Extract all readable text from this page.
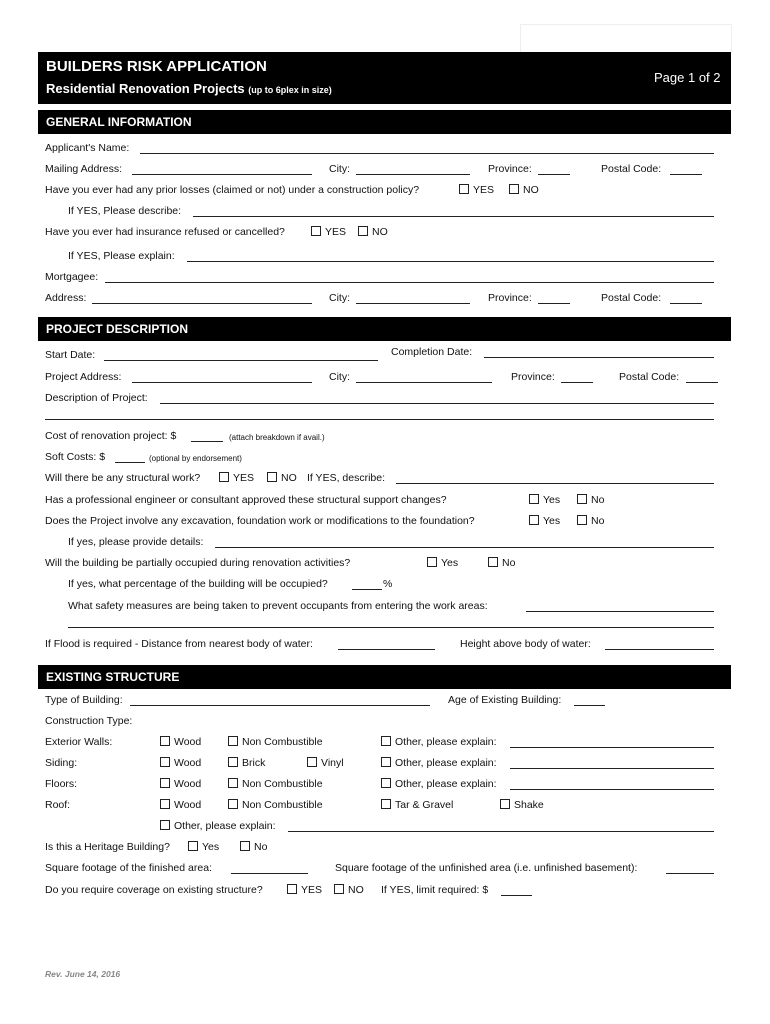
BUILDERS RISK APPLICATION
Residential Renovation Projects (up to 6plex in size)
Page 1 of 2
GENERAL INFORMATION
Applicant's Name:
Mailing Address:	City:	Province:	Postal Code:
Have you ever had any prior losses (claimed or not) under a construction policy?	YES	NO
If YES, Please describe:
Have you ever had insurance refused or cancelled?	YES	NO
If YES, Please explain:
Mortgagee:
Address:	City:	Province:	Postal Code:
PROJECT DESCRIPTION
Start Date:	Completion Date:
Project Address:	City:	Province:	Postal Code:
Description of Project:
Cost of renovation project: $	(attach breakdown if avail.)
Soft Costs: $	(optional by endorsement)
Will there be any structural work?	YES	NO If YES, describe:
Has a professional engineer or consultant approved these structural support changes?	Yes	No
Does the Project involve any excavation, foundation work or modifications to the foundation?	Yes	No
If yes, please provide details:
Will the building be partially occupied during renovation activities?	Yes	No
If yes, what percentage of the building will be occupied?	%
What safety measures are being taken to prevent occupants from entering the work areas:
If Flood is required - Distance from nearest body of water:	Height above body of water:
EXISTING STRUCTURE
Type of Building:	Age of Existing Building:
Construction Type:
Exterior Walls:	Wood	Non Combustible	Other, please explain:
Siding:	Wood	Brick	Vinyl	Other, please explain:
Floors:	Wood	Non Combustible	Other, please explain:
Roof:	Wood	Non Combustible	Tar & Gravel	Shake
Other, please explain:
Is this a Heritage Building?	Yes	No
Square footage of the finished area:	Square footage of the unfinished area (i.e. unfinished basement):
Do you require coverage on existing structure?	YES	NO If YES, limit required: $
Rev. June 14, 2016
